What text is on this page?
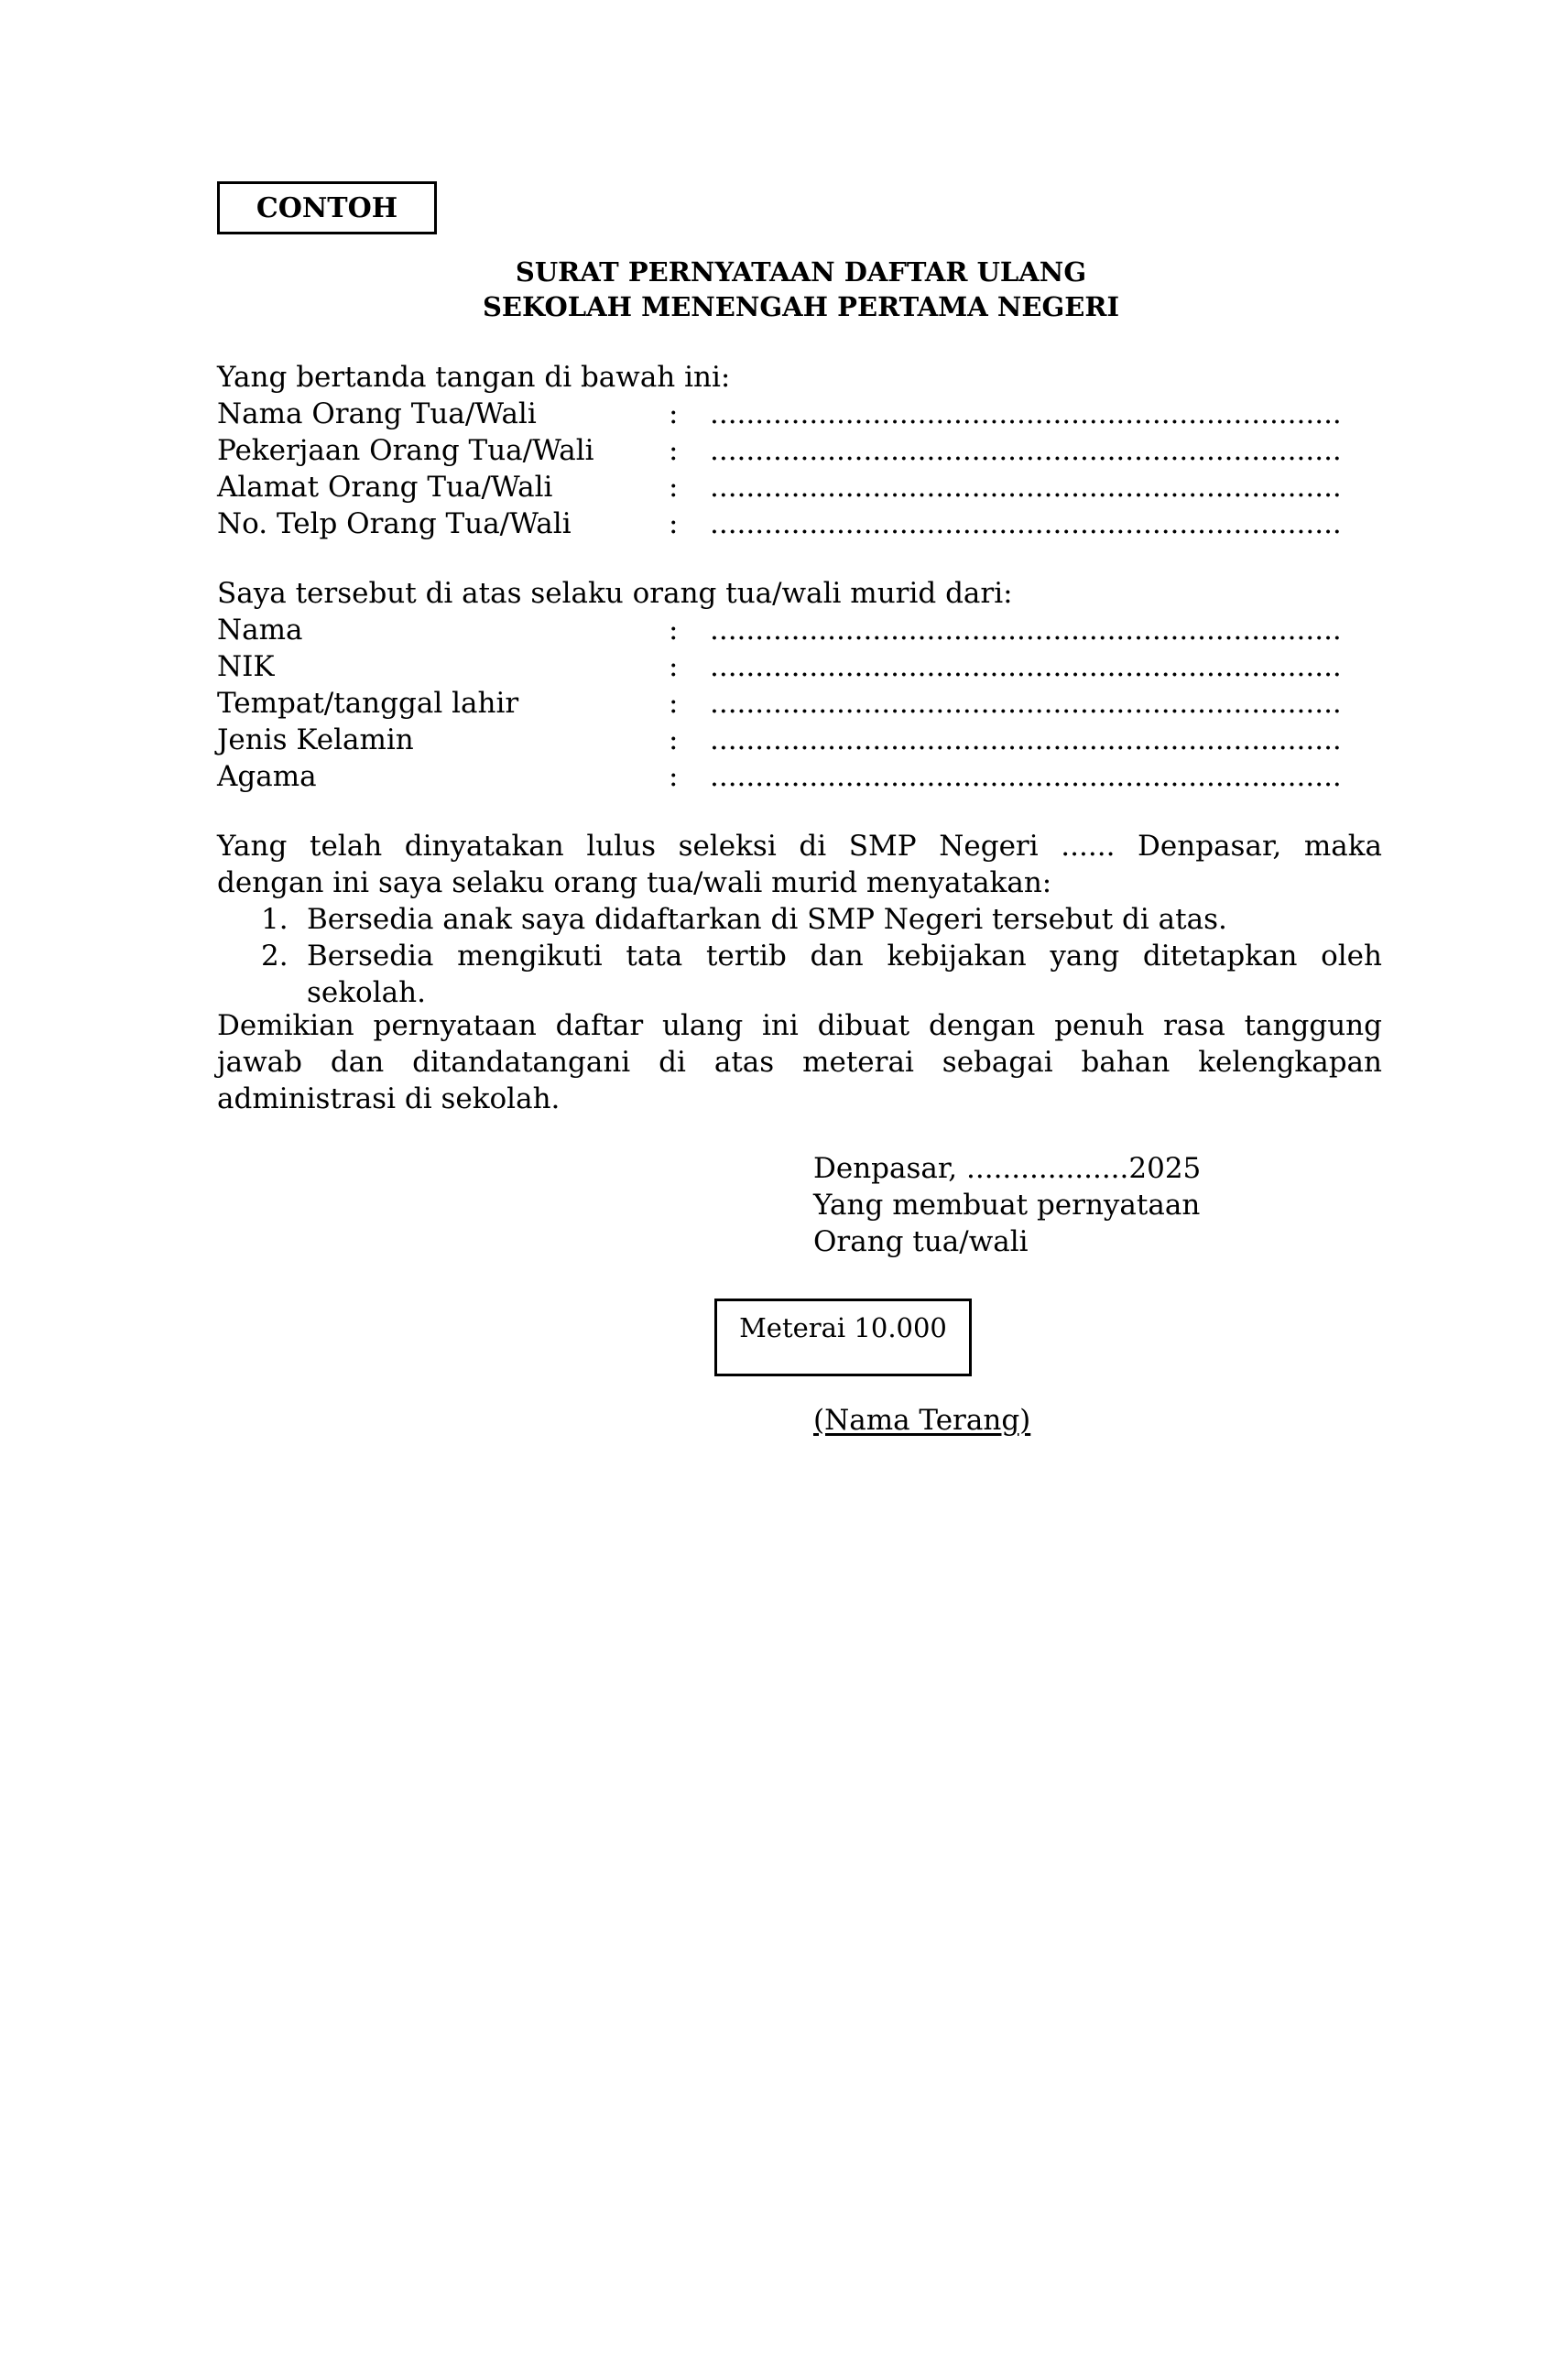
CONTOH
SURAT PERNYATAAN DAFTAR ULANG
SEKOLAH MENENGAH PERTAMA NEGERI
Yang bertanda tangan di bawah ini:
Nama Orang Tua/Wali	: ......................................................................
Pekerjaan Orang Tua/Wali	: ......................................................................
Alamat Orang Tua/Wali	: ......................................................................
No. Telp Orang Tua/Wali	: ......................................................................
Saya tersebut di atas selaku orang tua/wali murid dari:
Nama	: ......................................................................
NIK	: ......................................................................
Tempat/tanggal lahir	: ......................................................................
Jenis Kelamin	: ......................................................................
Agama	: ......................................................................
Yang telah dinyatakan lulus seleksi di SMP Negeri ...... Denpasar, maka
dengan ini saya selaku orang tua/wali murid menyatakan:
1. Bersedia anak saya didaftarkan di SMP Negeri tersebut di atas.
2. Bersedia mengikuti tata tertib dan kebijakan yang ditetapkan oleh
sekolah.
Demikian pernyataan daftar ulang ini dibuat dengan penuh rasa tanggung
jawab dan ditandatangani di atas meterai sebagai bahan kelengkapan
administrasi di sekolah.
Denpasar, ..................2025
Yang membuat pernyataan
Orang tua/wali
Meterai 10.000
(Nama Terang)
